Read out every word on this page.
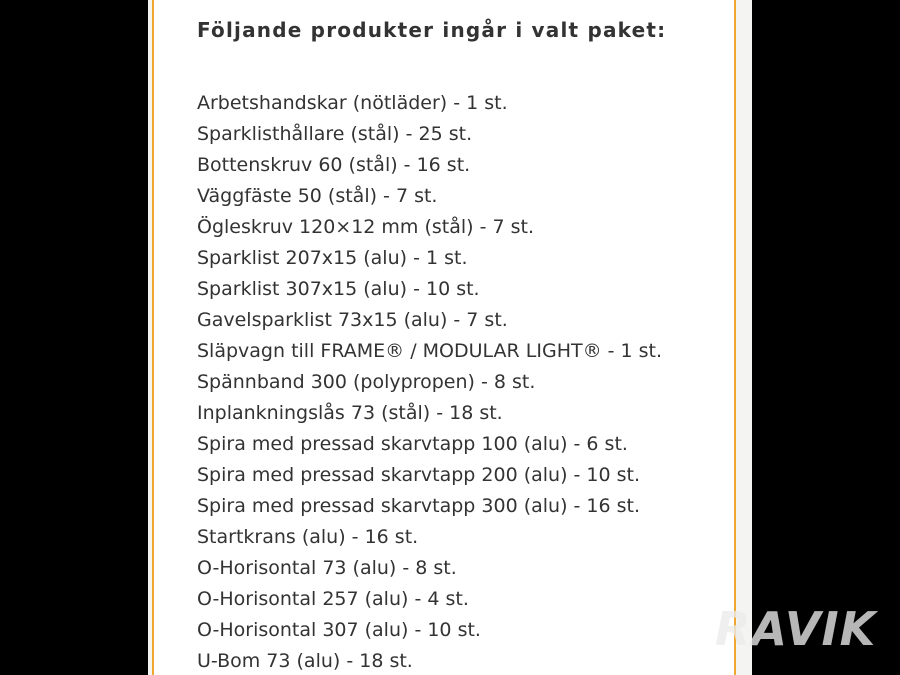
Följande produkter ingår i valt paket:
Arbetshandskar (nötläder) - 1 st.
Sparklisthållare (stål) - 25 st.
Bottenskruv 60 (stål) - 16 st.
Väggfäste 50 (stål) - 7 st.
Ögleskruv 120×12 mm (stål) - 7 st.
Sparklist 207x15 (alu) - 1 st.
Sparklist 307x15 (alu) - 10 st.
Gavelsparklist 73x15 (alu) - 7 st.
Släpvagn till FRAME® / MODULAR LIGHT® - 1 st.
Spännband 300 (polypropen) - 8 st.
Inplankningslås 73 (stål) - 18 st.
Spira med pressad skarvtapp 100 (alu) - 6 st.
Spira med pressad skarvtapp 200 (alu) - 10 st.
Spira med pressad skarvtapp 300 (alu) - 16 st.
Startkrans (alu) - 16 st.
O-Horisontal 73 (alu) - 8 st.
O-Horisontal 257 (alu) - 4 st.
O-Horisontal 307 (alu) - 10 st.
U-Bom 73 (alu) - 18 st.
RAVIK
